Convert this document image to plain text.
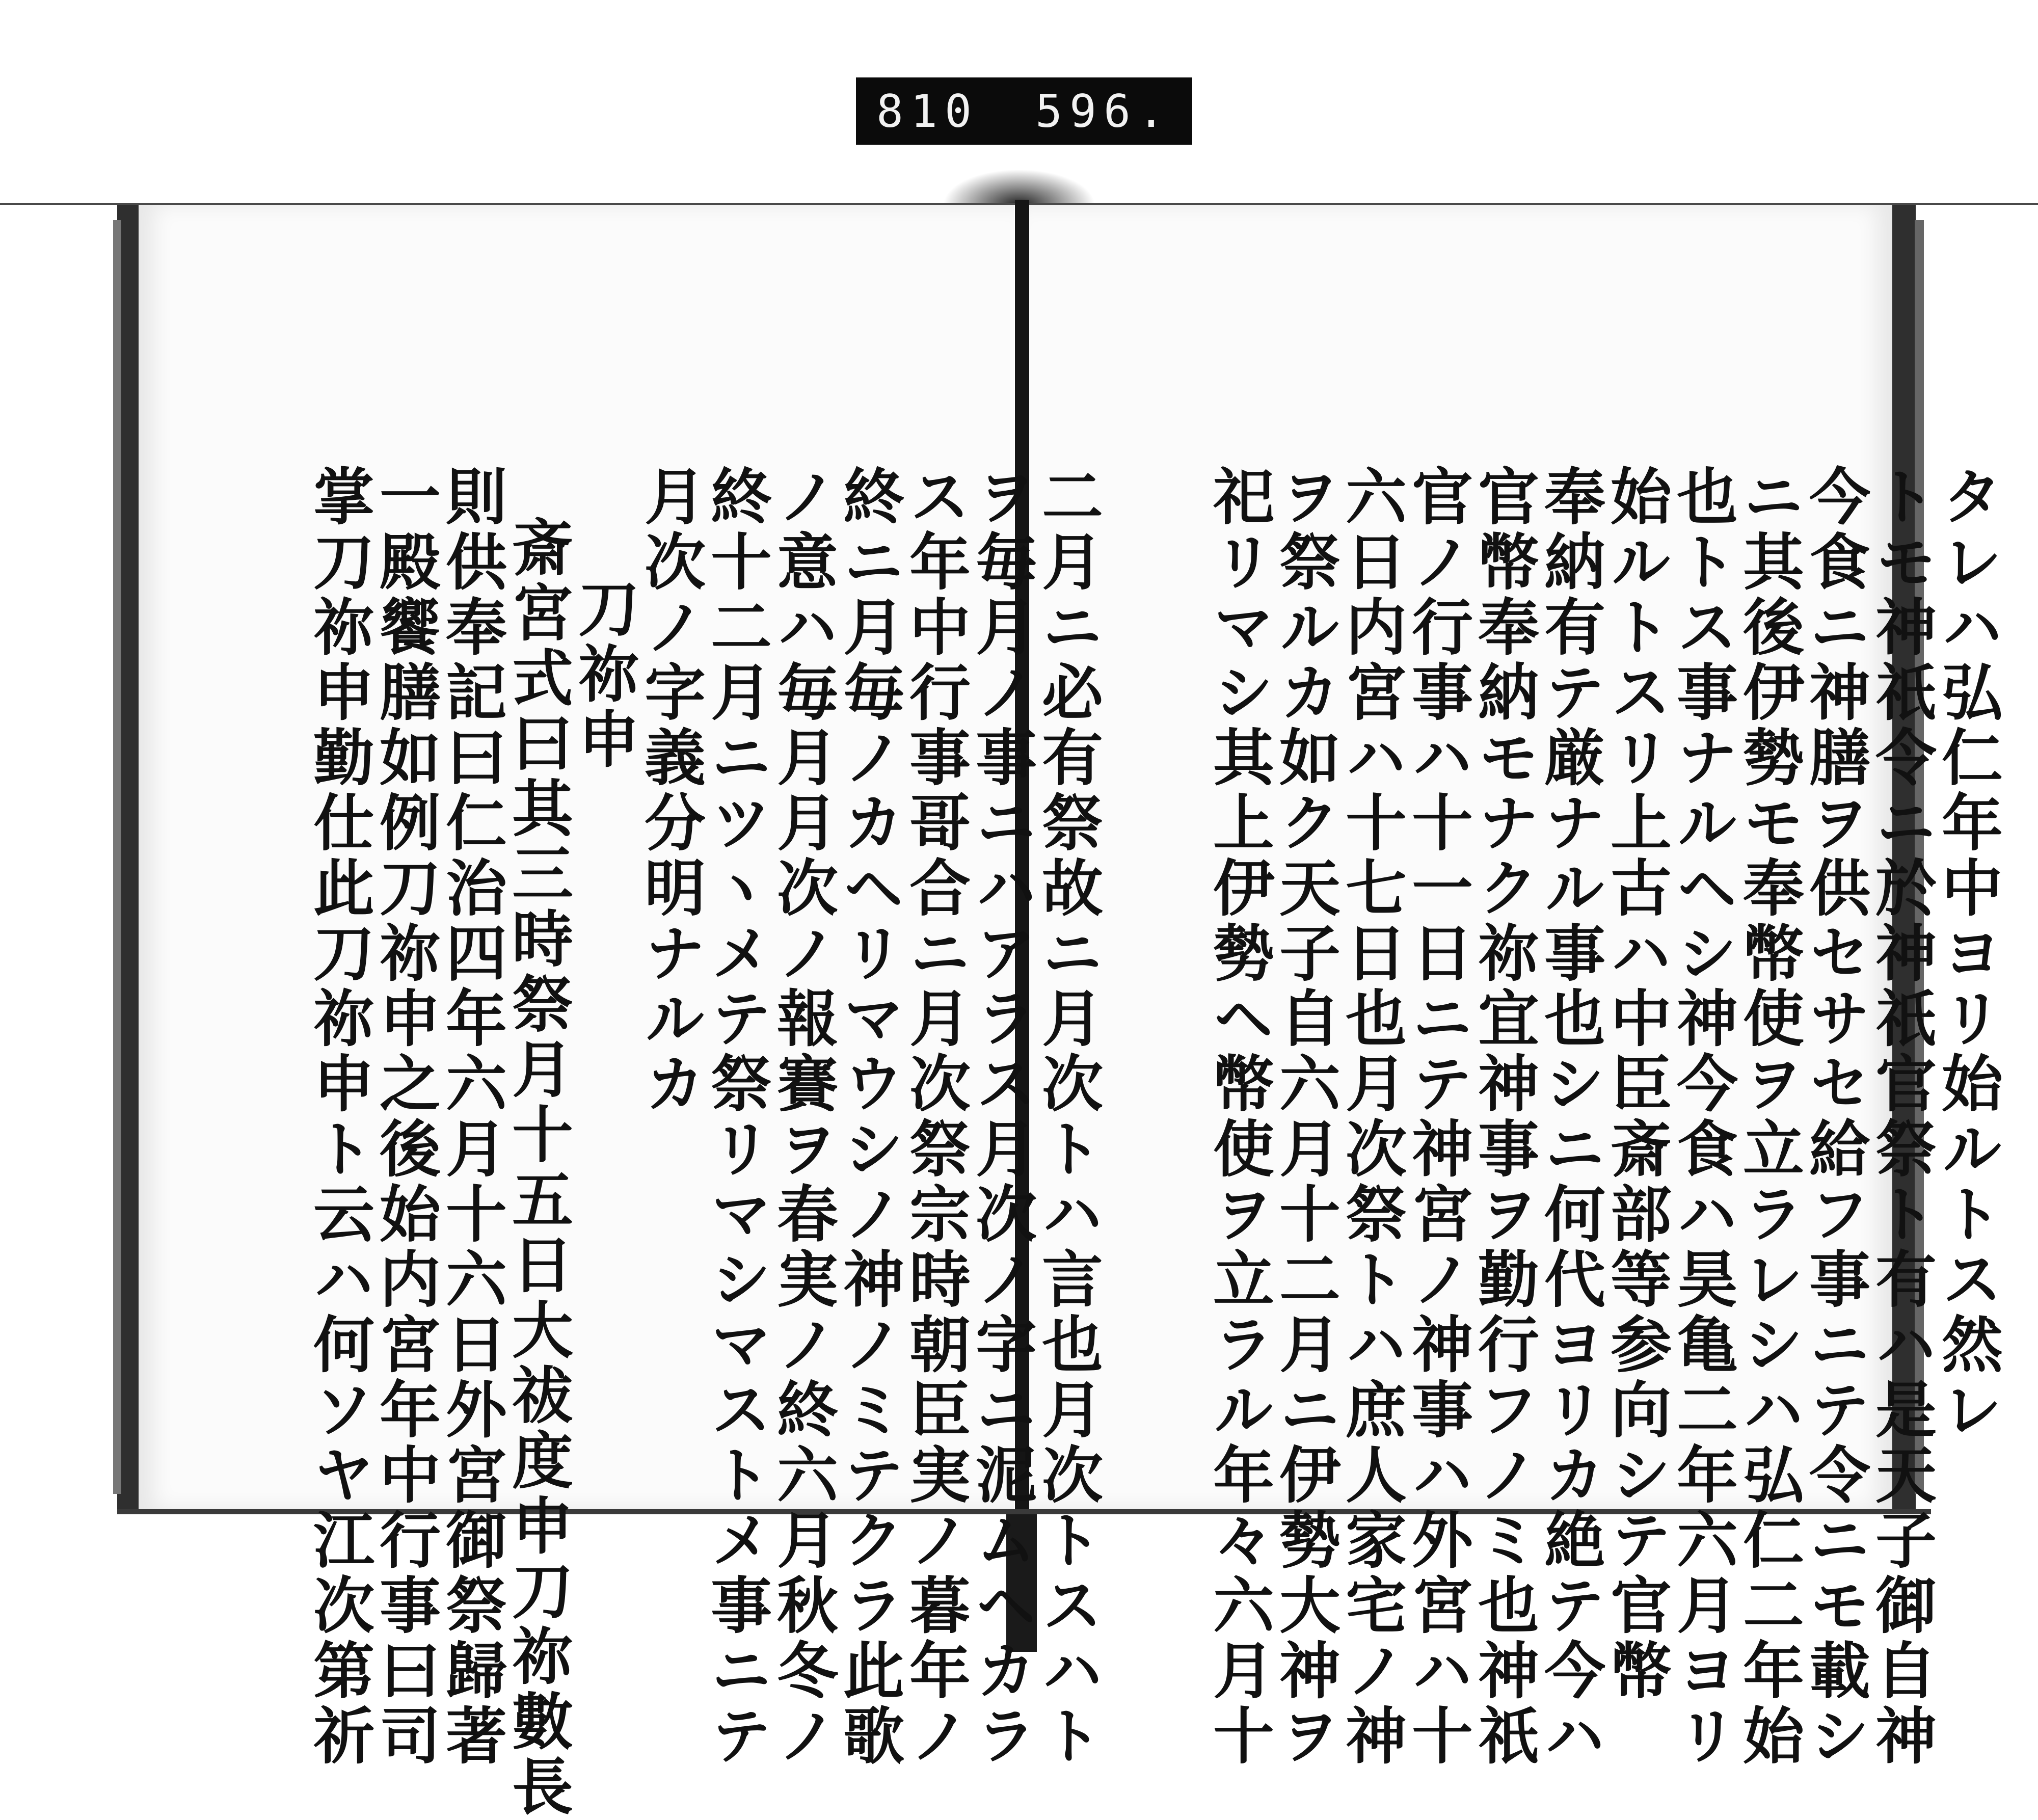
810 596.
タレハ弘仁年中ヨリ始ルトス然レ
トモ神祇令ニ於神祇官祭ト有ハ是天子御自神
今食ニ神膳ヲ供セサセ給フ事ニテ令ニモ載シ
ニ其後伊勢モ奉幣使ヲ立ラレシハ弘仁二年始
也トス事ナルヘシ神今食ハ昊亀二年六月ヨリ
始ルトスリ上古ハ中臣斎部等参向シテ官幣
奉納有テ厳ナル事也シニ何代ヨリカ絶テ今ハ
官幣奉納モナク祢宜神事ヲ勤行フノミ也神祇
官ノ行事ハ十一日ニテ神宮ノ神事ハ外宮ハ十
六日内宮ハ十七日也月次祭トハ庶人家宅ノ神
ヲ祭ルカ如ク天子自六月十二月ニ伊勢大神ヲ
祀リマシ其上伊勢ヘ幣使ヲ立ラル年々六月十
二月ニ必有祭故ニ月次トハ言也月次トスハト
ヲ毎月ノ事ニハアラス月次ノ字ニ泥ムヘカラ
ス年中行事哥合ニ月次祭宗時朝臣実ノ暮年ノ
終ニ月毎ノカヘリマウシノ神ノミテクラ此歌
ノ意ハ毎月月次ノ報賽ヲ春実ノ終六月秋冬ノ
終十二月ニツヽメテ祭リマシマストメ事ニテ
月次ノ字義分明ナルカ
刀祢申
斎宮式曰其三時祭月十五日大祓度申刀祢數長
則供奉記曰仁治四年六月十六日外宮御祭歸著
一殿饗膳如例刀祢申之後始内宮年中行事曰司
掌刀祢申勤仕此刀祢申ト云ハ何ソヤ江次第祈
